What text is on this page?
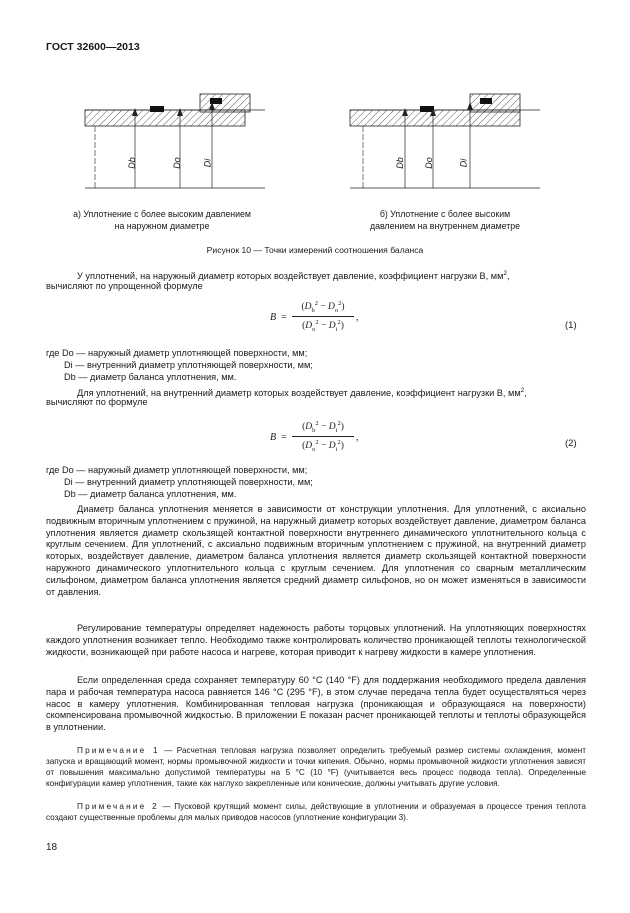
ГОСТ 32600—2013
Db	Do Di	Db Do	Di
а) Уплотнение с более высоким давлением
на наружном диаметре
б) Уплотнение с более высоким
давлением на внутреннем диаметре
Рисунок 10 — Точки измерений соотношения баланса
У уплотнений, на наружный диаметр которых воздействует давление, коэффициент нагрузки B, $мм^2$,
вычисляют по упрощенной формуле
B =
$(D_b^2 - D_o^2)$
$(D_o^2 - D_i^2)$
,
(1)
где Do — наружный диаметр уплотняющей поверхности, мм;
Di — внутренний диаметр уплотняющей поверхности, мм;
Db — диаметр баланса уплотнения, мм.
Для уплотнений, на внутренний диаметр которых воздействует давление, коэффициент нагрузки B, $мм^2$,
вычисляют по формуле
B =
$(D_b^2 - D_i^2)$
$(D_o^2 - D_i^2)$
,
(2)
где Do — наружный диаметр уплотняющей поверхности, мм;
Di — внутренний диаметр уплотняющей поверхности, мм;
Db — диаметр баланса уплотнения, мм.
Диаметр баланса уплотнения меняется в зависимости от конструкции уплотнения. Для уплотнений, с аксиально подвижным вторичным уплотнением с пружиной, на наружный диаметр которых воздействует давление, диаметром баланса уплотнения является диаметр скользящей контактной поверхности внутреннего динамического уплотнительного кольца с круглым сечением. Для уплотнений, с аксиально подвижным вторичным уплотнением с пружиной, на внутренний диаметр которых, воздействует давление, диаметром баланса уплотнения является диаметр скользящей контактной поверхности наружного динамического уплотнительного кольца с круглым сечением. Для уплотнения со сварным металлическим сильфоном, диаметром баланса уплотнения является средний диаметр сильфонов, но он может изменяться в зависимости от давления.
Регулирование температуры определяет надежность работы торцовых уплотнений. На уплотняющих поверхностях каждого уплотнения возникает тепло. Необходимо также контролировать количество проникающей теплоты технологической жидкости, возникающей при работе насоса и нагреве, которая приводит к нагреву жидкости в камере уплотнения.
Если определенная среда сохраняет температуру 60 °С (140 °F) для поддержания необходимого предела давления пара и рабочая температура насоса равняется 146 °С (295 °F), в этом случае передача тепла будет осуществляться через насос в камеру уплотнения. Комбинированная тепловая нагрузка (проникающая и образующаяся на поверхности) скомпенсирована промывочной жидкостью. В приложении Е показан расчет проникающей теплоты и теплоты образующейся в уплотнении.
Примечание 1 — Расчетная тепловая нагрузка позволяет определить требуемый размер системы охлаждения, момент запуска и вращающий момент, нормы промывочной жидкости и точки кипения. Обычно, нормы промывочной жидкости уплотнения зависят от повышения максимально допустимой температуры на 5 °С (10 °F) (учитывается весь процесс подвода тепла). Определенные конфигурации камер уплотнения, такие как наглухо закрепленные или конические, должны учитывать другие условия.
Примечание 2 — Пусковой крутящий момент силы, действующие в уплотнении и образуемая в процессе трения теплота создают существенные проблемы для малых приводов насосов (уплотнение конфигурации 3).
18
